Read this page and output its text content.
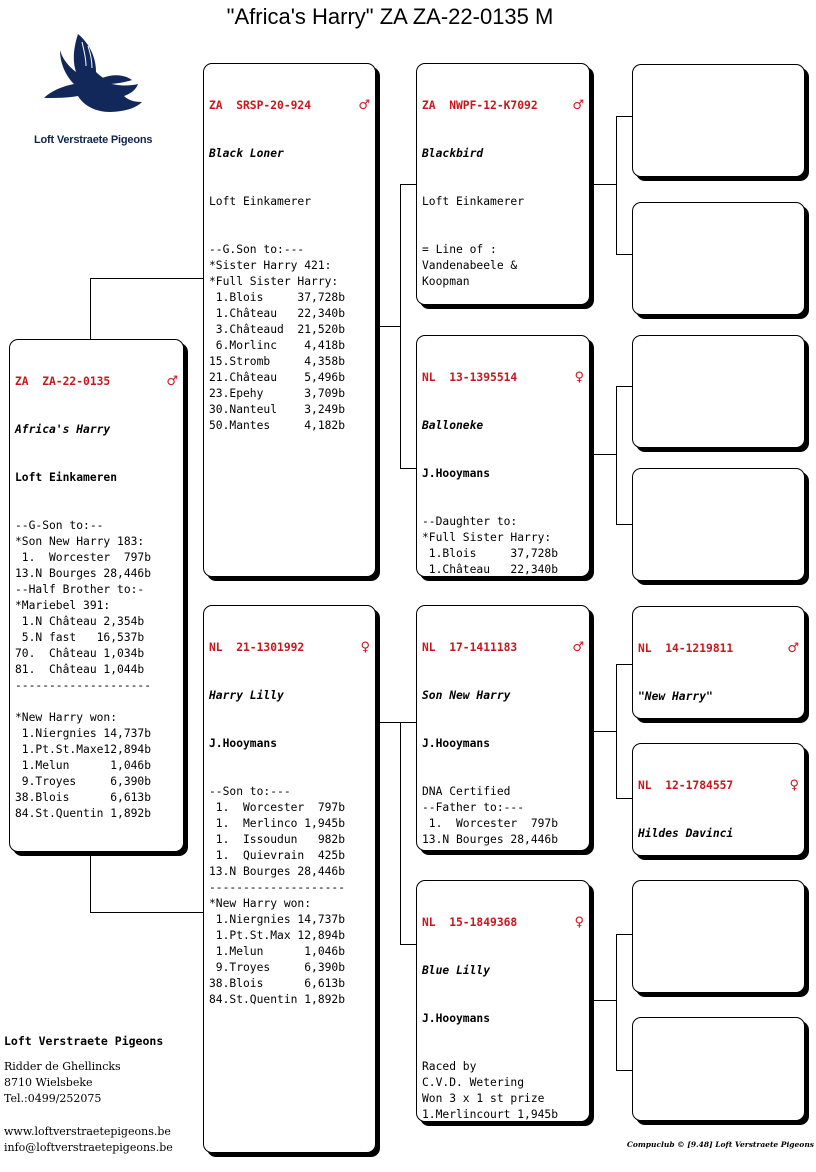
"Africa's Harry" ZA ZA-22-0135 M
Loft Verstraete Pigeons

ZA  ZA-22-0135	♂

Africa's Harry

Loft Einkameren

--G-Son to:--
*Son New Harry 183:
1.  Worcester  797b
13.N Bourges 28,446b
--Half Brother to:-
*Mariebel 391:
1.N Château 2,354b
5.N fast   16,537b
70.  Château 1,034b
81.  Château 1,044b
--------------------

*New Harry won:
1.Niergnies 14,737b
1.Pt.St.Maxe12,894b
1.Melun      1,046b
9.Troyes     6,390b
38.Blois      6,613b
84.St.Quentin 1,892b

ZA  SRSP-20-924	♂

Black Loner

Loft Einkamerer

--G.Son to:---
*Sister Harry 421:
*Full Sister Harry:
1.Blois     37,728b
1.Château   22,340b
3.Châteaud  21,520b
6.Morlinc    4,418b
15.Stromb     4,358b
21.Château    5,496b
23.Epehy      3,709b
30.Nanteul    3,249b
50.Mantes     4,182b

NL  21-1301992	♀

Harry Lilly

J.Hooymans

--Son to:---
1.  Worcester  797b
1.  Merlinco 1,945b
1.  Issoudun   982b
1.  Quievrain  425b
13.N Bourges 28,446b
--------------------
*New Harry won:
1.Niergnies 14,737b
1.Pt.St.Max 12,894b
1.Melun      1,046b
9.Troyes     6,390b
38.Blois      6,613b
84.St.Quentin 1,892b

ZA  NWPF-12-K7092	♂

Blackbird

Loft Einkamerer

= Line of :
Vandenabeele &
Koopman

NL  13-1395514	♀

Balloneke

J.Hooymans

--Daughter to:
*Full Sister Harry:
1.Blois     37,728b
1.Château   22,340b

NL  17-1411183	♂

Son New Harry

J.Hooymans

DNA Certified
--Father to:---
1.  Worcester  797b
13.N Bourges 28,446b

NL  15-1849368	♀

Blue Lilly

J.Hooymans

Raced by
C.V.D. Wetering
Won 3 x 1 st prize
1.Merlincourt 1,945b

NL  14-1219811	♂

"New Harry"

NL  12-1784557	♀

Hildes Davinci

Loft Verstraete Pigeons
Ridder de Ghellincks
8710 Wielsbeke
Tel.:0499/252075
www.loftverstraetepigeons.be
info@loftverstraetepigeons.be	Compuclub © [9.48] Loft Verstraete Pigeons
